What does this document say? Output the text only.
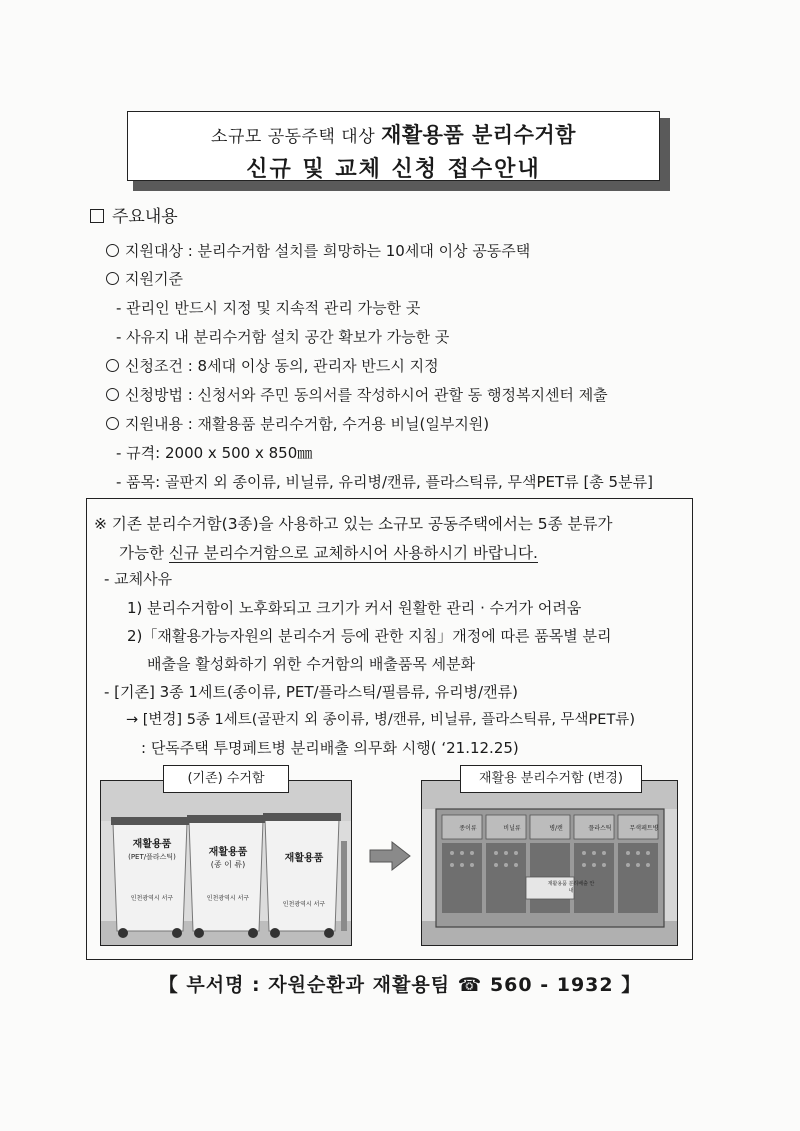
소규모 공동주택 대상 재활용품 분리수거함
신규 및 교체 신청 접수안내
주요내용
지원대상 : 분리수거함 설치를 희망하는 10세대 이상 공동주택
지원기준
- 관리인 반드시 지정 및 지속적 관리 가능한 곳
- 사유지 내 분리수거함 설치 공간 확보가 가능한 곳
신청조건 : 8세대 이상 동의, 관리자 반드시 지정
신청방법 : 신청서와 주민 동의서를 작성하시어 관할 동 행정복지센터 제출
지원내용 : 재활용품 분리수거함, 수거용 비닐(일부지원)
- 규격: 2000 x 500 x 850㎜
- 품목: 골판지 외 종이류, 비닐류, 유리병/캔류, 플라스틱류, 무색PET류 [총 5분류]
※ 기존 분리수거함(3종)을 사용하고 있는 소규모 공동주택에서는 5종 분류가
가능한 신규 분리수거함으로 교체하시어 사용하시기 바랍니다.
- 교체사유
1) 분리수거함이 노후화되고 크기가 커서 원활한 관리 · 수거가 어려움
2)「재활용가능자원의 분리수거 등에 관한 지침」개정에 따른 품목별 분리
배출을 활성화하기 위한 수거함의 배출품목 세분화
- [기존] 3종 1세트(종이류, PET/플라스틱/필름류, 유리병/캔류)
→ [변경] 5종 1세트(골판지 외 종이류, 병/캔류, 비닐류, 플라스틱류, 무색PET류)
: 단독주택 투명페트병 분리배출 의무화 시행( ‘21.12.25)
(기존) 수거함
재활용품
(PET/플라스틱)
인천광역시 서구
재활용품
(종 이 류)
인천광역시 서구
재활용품
인천광역시 서구
재활용 분리수거함 (변경)
종이류	비닐류	병/캔	플라스틱	무색페트병
재활용품 분리배출 안내
【 부서명 : 자원순환과 재활용팀 ☎ 560 - 1932 】
